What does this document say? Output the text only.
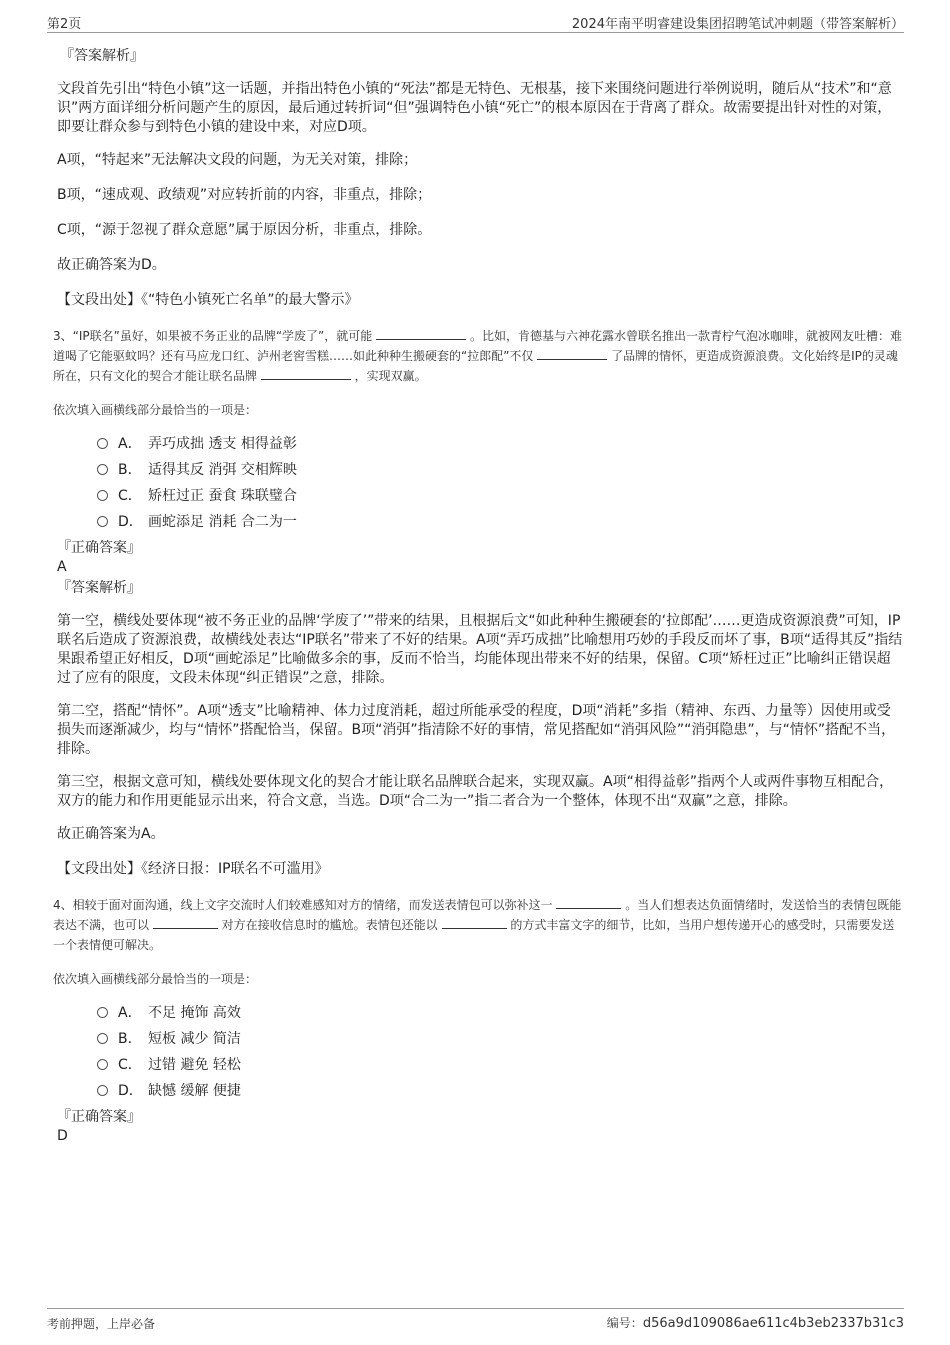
第2页	2024年南平明睿建设集团招聘笔试冲刺题（带答案解析）

『答案解析』

文段首先引出“特色小镇”这一话题，并指出特色小镇的“死法”都是无特色、无根基，接下来围绕问题进行举例说明，随后从“技术”和“意识”两方面详细分析问题产生的原因，最后通过转折词“但”强调特色小镇“死亡”的根本原因在于背离了群众。故需要提出针对性的对策，即要让群众参与到特色小镇的建设中来，对应D项。

A项，“特起来”无法解决文段的问题，为无关对策，排除；

B项，“速成观、政绩观”对应转折前的内容，非重点，排除；

C项，“源于忽视了群众意愿”属于原因分析，非重点，排除。

故正确答案为D。

【文段出处】《“特色小镇死亡名单”的最大警示》

3、“IP联名”虽好，如果被不务正业的品牌“学废了”，就可能	。比如，肯德基与六神花露水曾联名推出一款青柠气泡冰咖啡，就被网友吐槽：难道喝了它能驱蚊吗？还有马应龙口红、泸州老窖雪糕……如此种种生搬硬套的“拉郎配”不仅	了品牌的情怀，更造成资源浪费。文化始终是IP的灵魂所在，只有文化的契合才能让联名品牌	，实现双赢。

依次填入画横线部分最恰当的一项是：

A． 弄巧成拙 透支 相得益彰
B． 适得其反 消弭 交相辉映
C． 矫枉过正 蚕食 珠联璧合
D． 画蛇添足 消耗 合二为一

『正确答案』

A

『答案解析』

第一空，横线处要体现“被不务正业的品牌‘学废了’”带来的结果，且根据后文“如此种种生搬硬套的‘拉郎配’……更造成资源浪费”可知，IP联名后造成了资源浪费，故横线处表达“IP联名”带来了不好的结果。A项“弄巧成拙”比喻想用巧妙的手段反而坏了事，B项“适得其反”指结果跟希望正好相反，D项“画蛇添足”比喻做多余的事，反而不恰当，均能体现出带来不好的结果，保留。C项“矫枉过正”比喻纠正错误超过了应有的限度，文段未体现“纠正错误”之意，排除。

第二空，搭配“情怀”。A项“透支”比喻精神、体力过度消耗，超过所能承受的程度，D项“消耗”多指（精神、东西、力量等）因使用或受损失而逐渐减少，均与“情怀”搭配恰当，保留。B项“消弭”指清除不好的事情，常见搭配如“消弭风险”“消弭隐患”，与“情怀”搭配不当，排除。

第三空，根据文意可知，横线处要体现文化的契合才能让联名品牌联合起来，实现双赢。A项“相得益彰”指两个人或两件事物互相配合，双方的能力和作用更能显示出来，符合文意，当选。D项“合二为一”指二者合为一个整体，体现不出“双赢”之意，排除。

故正确答案为A。

【文段出处】《经济日报：IP联名不可滥用》

4、相较于面对面沟通，线上文字交流时人们较难感知对方的情绪，而发送表情包可以弥补这一	。当人们想表达负面情绪时，发送恰当的表情包既能表达不满，也可以	对方在接收信息时的尴尬。表情包还能以	的方式丰富文字的细节，比如，当用户想传递开心的感受时，只需要发送一个表情便可解决。

依次填入画横线部分最恰当的一项是：

A． 不足 掩饰 高效
B． 短板 减少 简洁
C． 过错 避免 轻松
D． 缺憾 缓解 便捷

『正确答案』

D

考前押题，上岸必备	编号：d56a9d109086ae611c4b3eb2337b31c3
